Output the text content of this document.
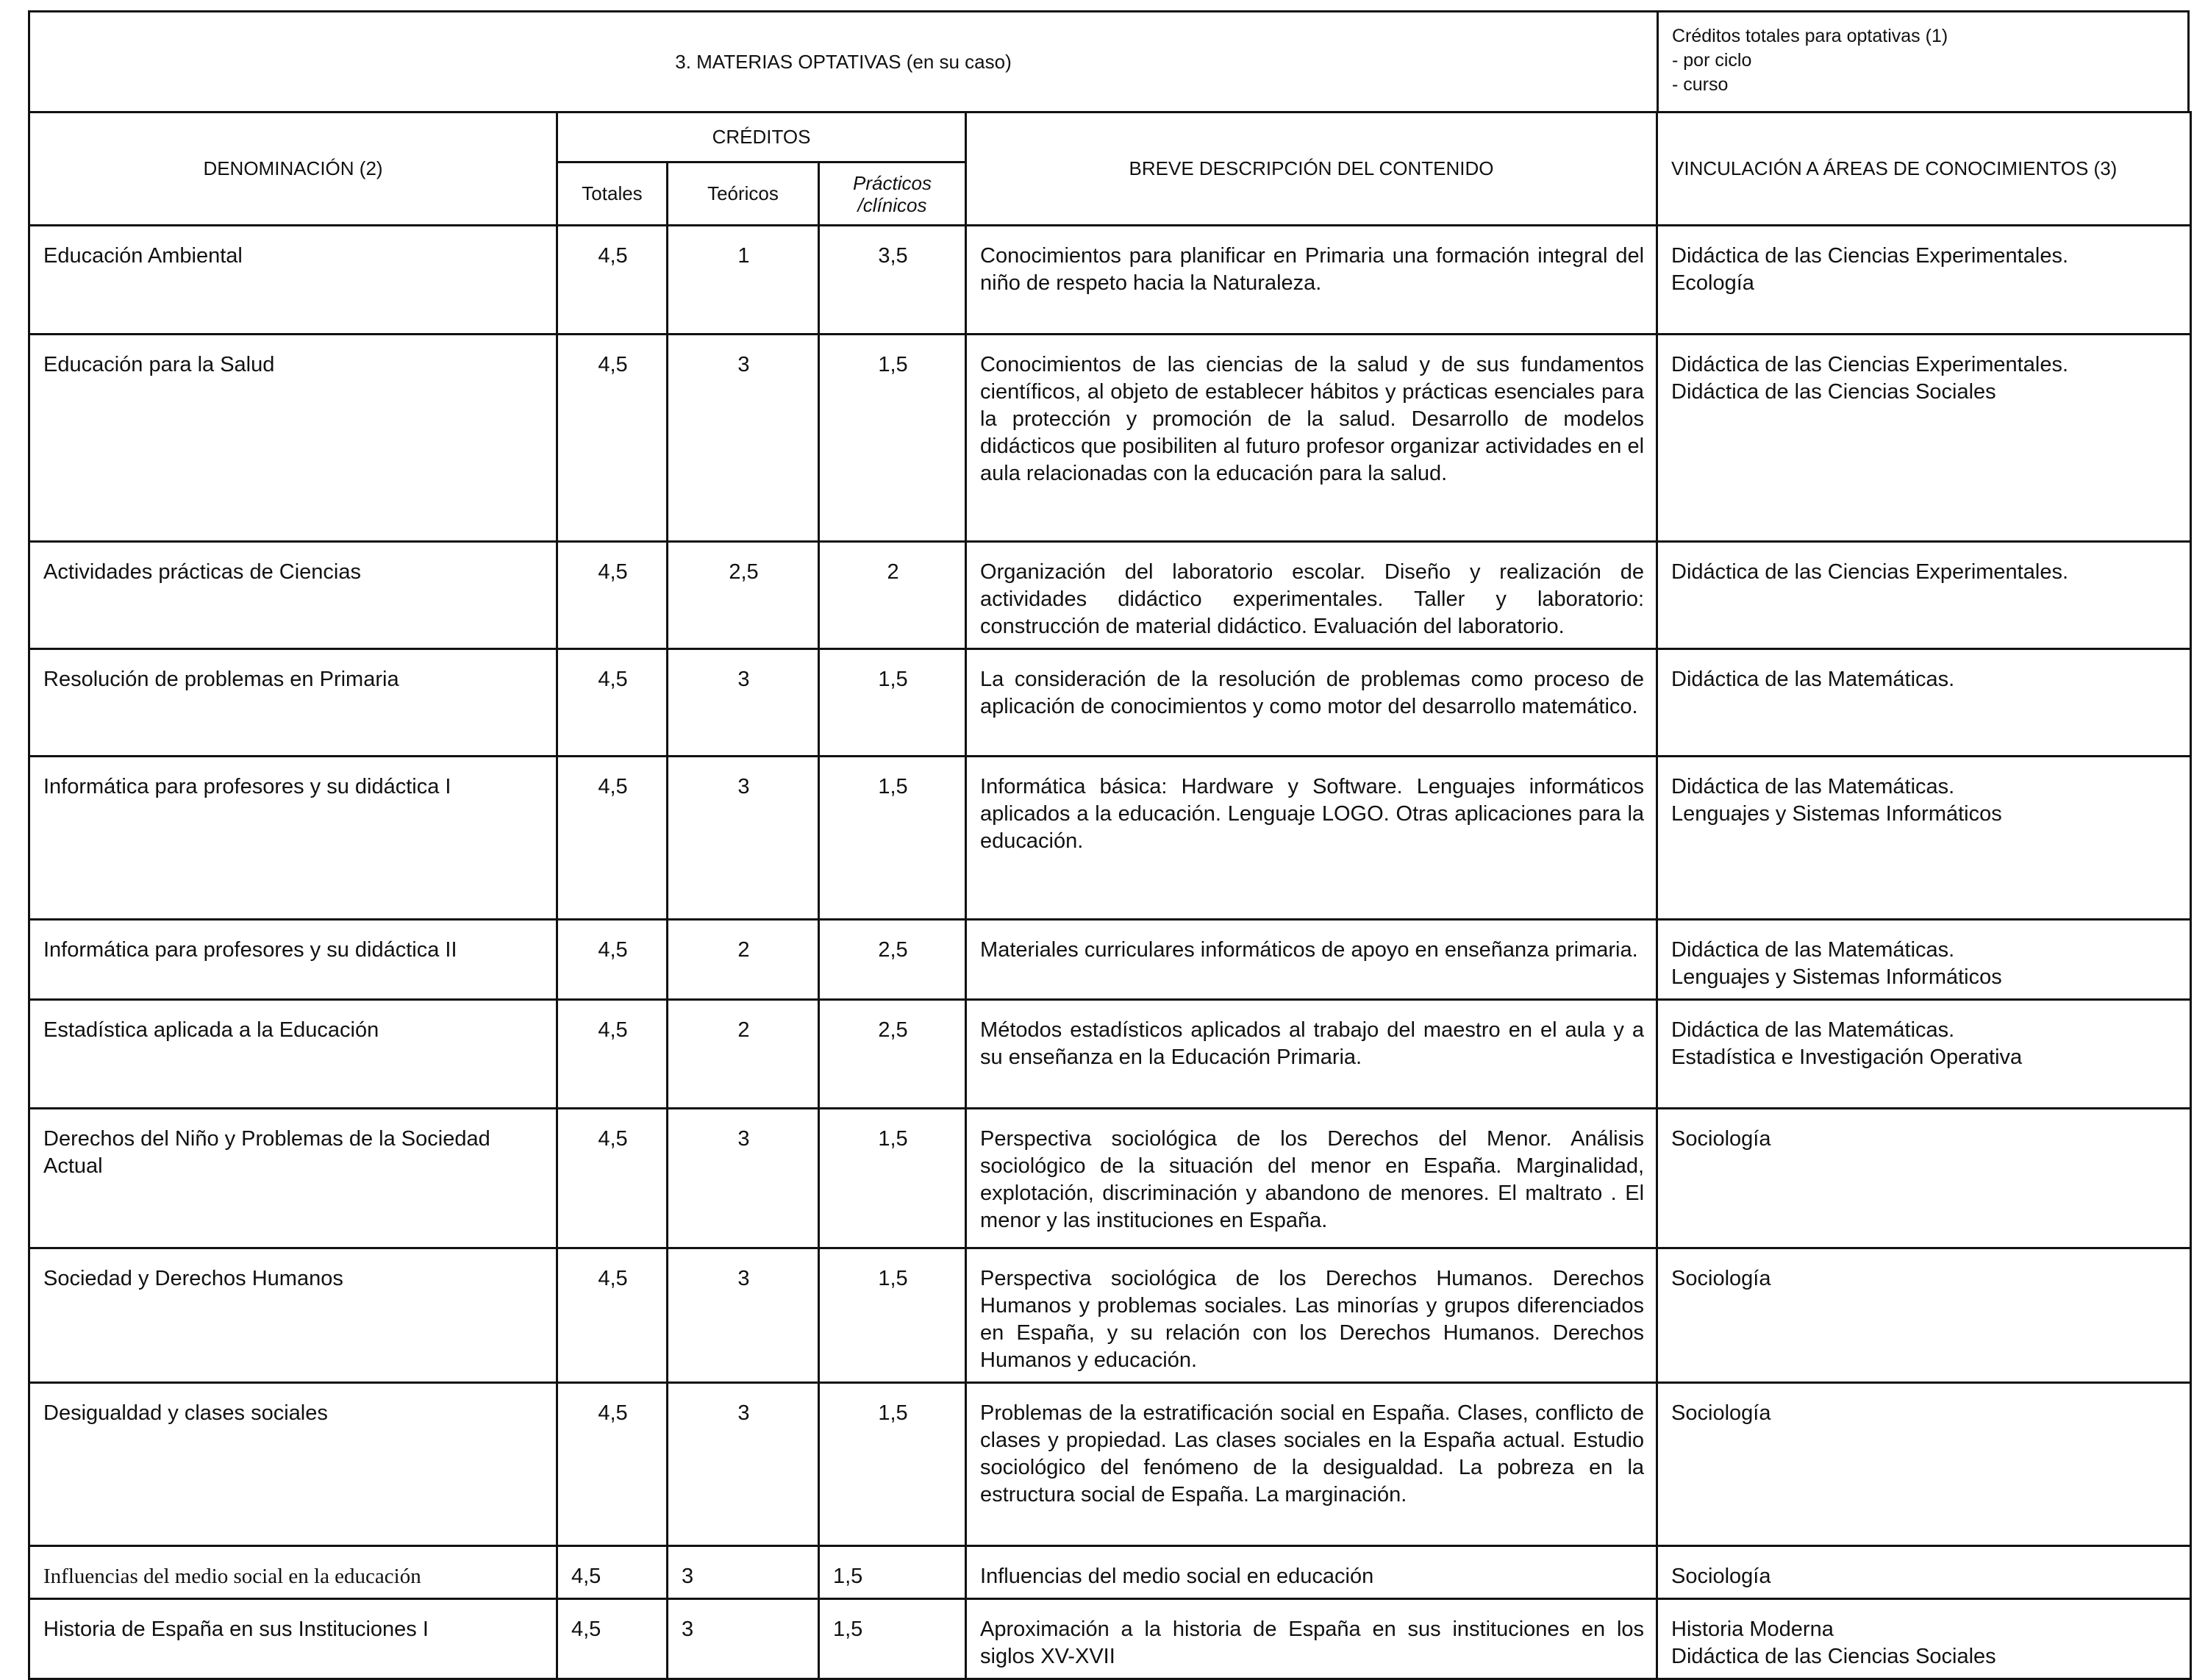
3. MATERIAS OPTATIVAS (en su caso)
Créditos totales para optativas (1)
- por ciclo
- curso
DENOMINACIÓN (2)	CRÉDITOS			BREVE DESCRIPCIÓN DEL CONTENIDO	VINCULACIÓN A ÁREAS DE CONOCIMIENTOS (3)
	Totales	Teóricos	Prácticos
/clínicos		

Educación Ambiental	4,5	1	3,5	Conocimientos para planificar en Primaria una formación integral del niño de respeto hacia la Naturaleza.	Didáctica de las Ciencias Experimentales.
Ecología

Educación para la Salud	4,5	3	1,5	Conocimientos de las ciencias de la salud y de sus fundamentos científicos, al objeto de establecer hábitos y prácticas esenciales para la protección y promoción de la salud. Desarrollo de modelos didácticos que posibiliten al futuro profesor organizar actividades en el aula relacionadas con la educación para la salud.	Didáctica de las Ciencias Experimentales.
Didáctica de las Ciencias Sociales

Actividades prácticas de Ciencias	4,5	2,5	2	Organización del laboratorio escolar. Diseño y realización de actividades didáctico experimentales. Taller y laboratorio: construcción de material didáctico. Evaluación del laboratorio.	Didáctica de las Ciencias Experimentales.

Resolución de problemas en Primaria	4,5	3	1,5	La consideración de la resolución de problemas como proceso de aplicación de conocimientos y como motor del desarrollo matemático.	Didáctica de las Matemáticas.

Informática para profesores y su didáctica I	4,5	3	1,5	Informática básica: Hardware y Software. Lenguajes informáticos aplicados a la educación. Lenguaje LOGO. Otras aplicaciones para la educación.	Didáctica de las Matemáticas.
Lenguajes y Sistemas Informáticos

Informática para profesores y su didáctica II	4,5	2	2,5	Materiales curriculares informáticos de apoyo en enseñanza primaria.	Didáctica de las Matemáticas.
Lenguajes y Sistemas Informáticos

Estadística aplicada a la Educación	4,5	2	2,5	Métodos estadísticos aplicados al trabajo del maestro en el aula y a su enseñanza en la Educación Primaria.	Didáctica de las Matemáticas.
Estadística e Investigación Operativa

Derechos del Niño y Problemas de la Sociedad Actual	4,5	3	1,5	Perspectiva sociológica de los Derechos del Menor. Análisis sociológico de la situación del menor en España. Marginalidad, explotación, discriminación y abandono de menores. El maltrato . El menor y las instituciones en España.	Sociología

Sociedad y Derechos Humanos	4,5	3	1,5	Perspectiva sociológica de los Derechos Humanos. Derechos Humanos y problemas sociales. Las minorías y grupos diferenciados en España, y su relación con los Derechos Humanos. Derechos Humanos y educación.	Sociología

Desigualdad y clases sociales	4,5	3	1,5	Problemas de la estratificación social en España. Clases, conflicto de clases y propiedad. Las clases sociales en la España actual. Estudio sociológico del fenómeno de la desigualdad. La pobreza en la estructura social de España. La marginación.	Sociología

Influencias del medio social en la educación	4,5	3	1,5	Influencias del medio social en educación	Sociología

Historia de España en sus Instituciones I	4,5	3	1,5	Aproximación a la historia de España en sus instituciones en los siglos XV-XVII	Historia Moderna
Didáctica de las Ciencias Sociales
